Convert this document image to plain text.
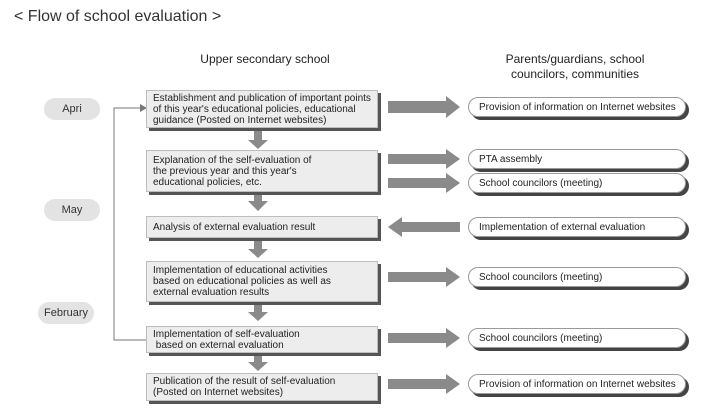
< Flow of school evaluation >
Upper secondary school	Parents/guardians, school
councilors, communities
Apri
May
February
Establishment and publication of important points
of this year's educational policies, educational
guidance (Posted on Internet websites)
Explanation of the self-evaluation of
the previous year and this year's
educational policies, etc.
Analysis of external evaluation result
Implementation of educational activities
based on educational policies as well as
external evaluation results
Implementation of self-evaluation
based on external evaluation
Publication of the result of self-evaluation
(Posted on Internet websites)
Provision of information on Internet websites
PTA assembly
School councilors (meeting)
Implementation of external evaluation
School councilors (meeting)
School councilors (meeting)
Provision of information on Internet websites
